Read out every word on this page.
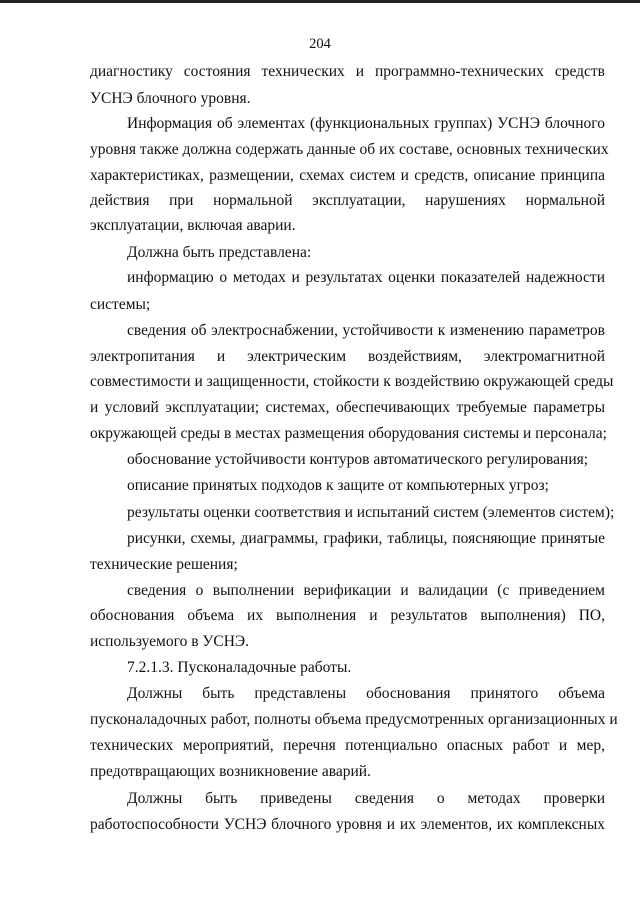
204
диагностику состояния технических и программно-технических средств
УСНЭ блочного уровня.
Информация об элементах (функциональных группах) УСНЭ блочного
уровня также должна содержать данные об их составе, основных технических
характеристиках, размещении, схемах систем и средств, описание принципа
действия при нормальной эксплуатации, нарушениях нормальной
эксплуатации, включая аварии.
Должна быть представлена:
информацию о методах и результатах оценки показателей надежности
системы;
сведения об электроснабжении, устойчивости к изменению параметров
электропитания и электрическим воздействиям, электромагнитной
совместимости и защищенности, стойкости к воздействию окружающей среды
и условий эксплуатации; системах, обеспечивающих требуемые параметры
окружающей среды в местах размещения оборудования системы и персонала;
обоснование устойчивости контуров автоматического регулирования;
описание принятых подходов к защите от компьютерных угроз;
результаты оценки соответствия и испытаний систем (элементов систем);
рисунки, схемы, диаграммы, графики, таблицы, поясняющие принятые
технические решения;
сведения о выполнении верификации и валидации (с приведением
обоснования объема их выполнения и результатов выполнения) ПО,
используемого в УСНЭ.
7.2.1.3. Пусконаладочные работы.
Должны быть представлены обоснования принятого объема
пусконаладочных работ, полноты объема предусмотренных организационных и
технических мероприятий, перечня потенциально опасных работ и мер,
предотвращающих возникновение аварий.
Должны быть приведены сведения о методах проверки
работоспособности УСНЭ блочного уровня и их элементов, их комплексных
